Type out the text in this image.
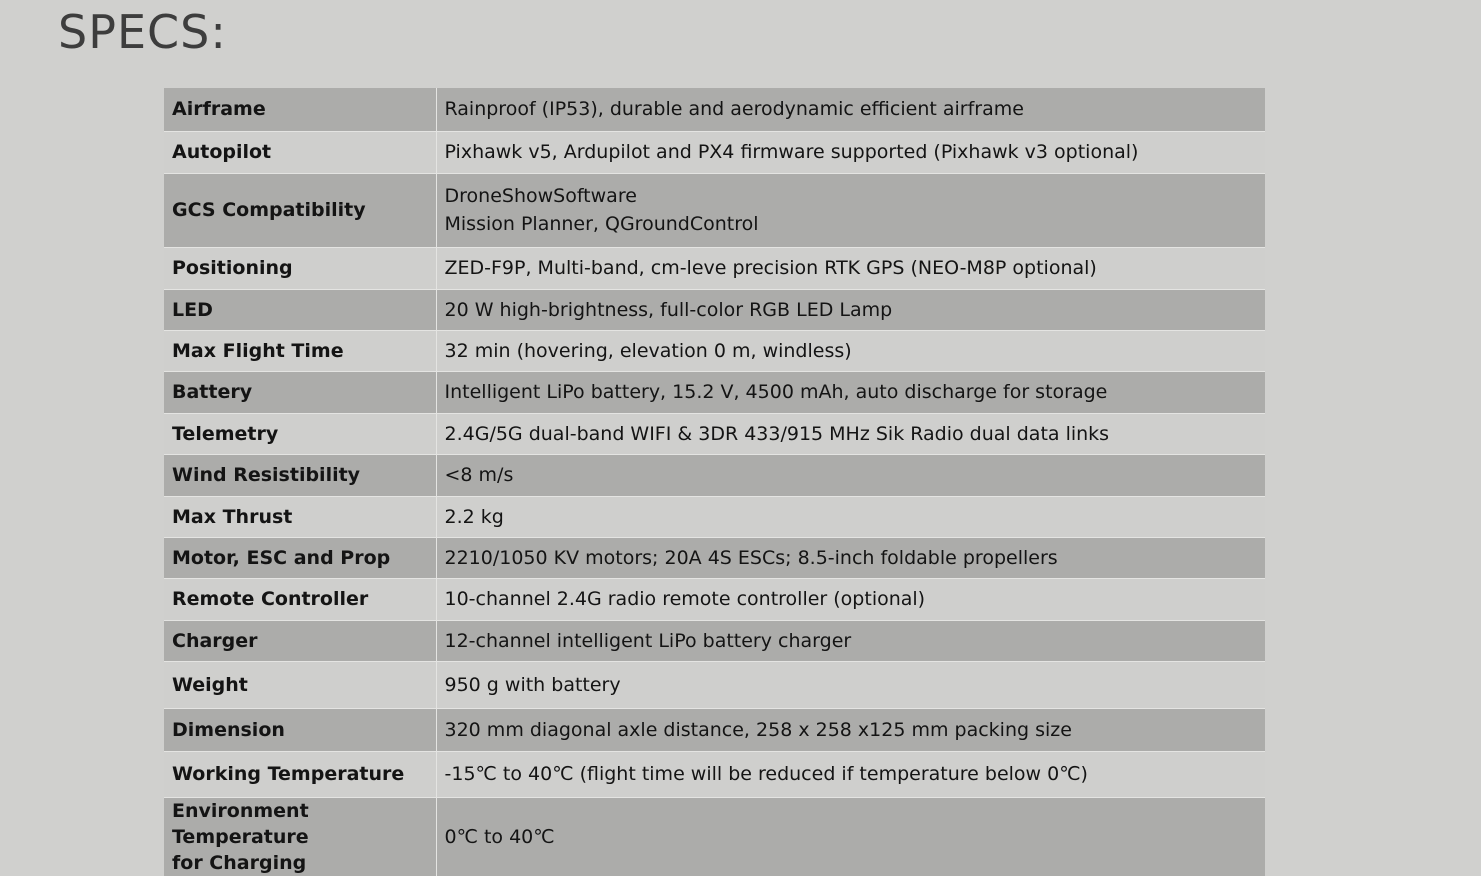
SPECS:
Airframe	Rainproof (IP53), durable and aerodynamic efficient airframe

Autopilot	Pixhawk v5, Ardupilot and PX4 firmware supported (Pixhawk v3 optional)

GCS Compatibility	DroneShowSoftware
Mission Planner, QGroundControl

Positioning	ZED-F9P, Multi-band, cm-leve precision RTK GPS (NEO-M8P optional)

LED	20 W high-brightness, full-color RGB LED Lamp

Max Flight Time	32 min (hovering, elevation 0 m, windless)

Battery	Intelligent LiPo battery, 15.2 V, 4500 mAh, auto discharge for storage

Telemetry	2.4G/5G dual-band WIFI & 3DR 433/915 MHz Sik Radio dual data links

Wind Resistibility	<8 m/s

Max Thrust	2.2 kg

Motor, ESC and Prop	2210/1050 KV motors; 20A 4S ESCs; 8.5-inch foldable propellers

Remote Controller	10-channel 2.4G radio remote controller (optional)

Charger	12-channel intelligent LiPo battery charger

Weight	950 g with battery

Dimension	320 mm diagonal axle distance, 258 x 258 x125 mm packing size

Working Temperature	-15℃ to 40℃ (flight time will be reduced if temperature below 0℃)

Environment Temperature
for Charging	0℃ to 40℃
